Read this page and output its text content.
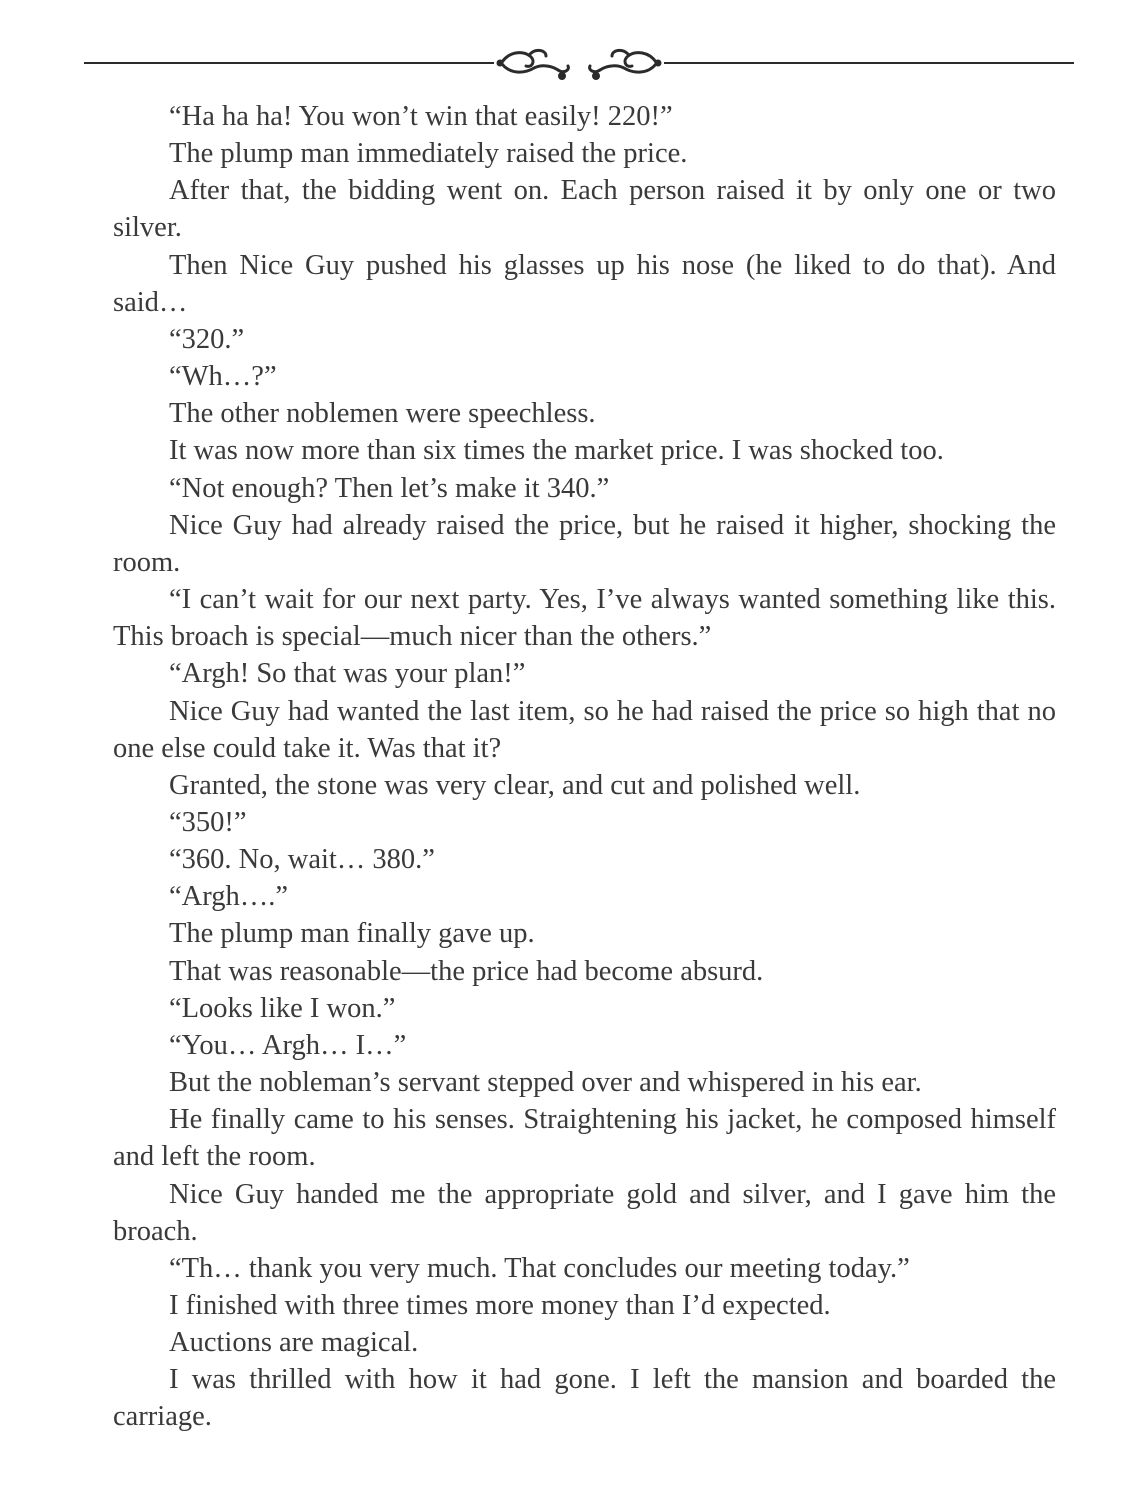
“Ha ha ha! You won’t win that easily! 220!”

The plump man immediately raised the price.

After that, the bidding went on. Each person raised it by only one or two silver.

Then Nice Guy pushed his glasses up his nose (he liked to do that). And said…

“320.”

“Wh…?”

The other noblemen were speechless.

It was now more than six times the market price. I was shocked too.

“Not enough? Then let’s make it 340.”

Nice Guy had already raised the price, but he raised it higher, shocking the room.

“I can’t wait for our next party. Yes, I’ve always wanted something like this. This broach is special—much nicer than the others.”

“Argh! So that was your plan!”

Nice Guy had wanted the last item, so he had raised the price so high that no one else could take it. Was that it?

Granted, the stone was very clear, and cut and polished well.

“350!”

“360. No, wait… 380.”

“Argh….”

The plump man finally gave up.

That was reasonable—the price had become absurd.

“Looks like I won.”

“You… Argh… I…”

But the nobleman’s servant stepped over and whispered in his ear.

He finally came to his senses. Straightening his jacket, he composed himself and left the room.

Nice Guy handed me the appropriate gold and silver, and I gave him the broach.

“Th… thank you very much. That concludes our meeting today.”

I finished with three times more money than I’d expected.

Auctions are magical.

I was thrilled with how it had gone. I left the mansion and boarded the carriage.
